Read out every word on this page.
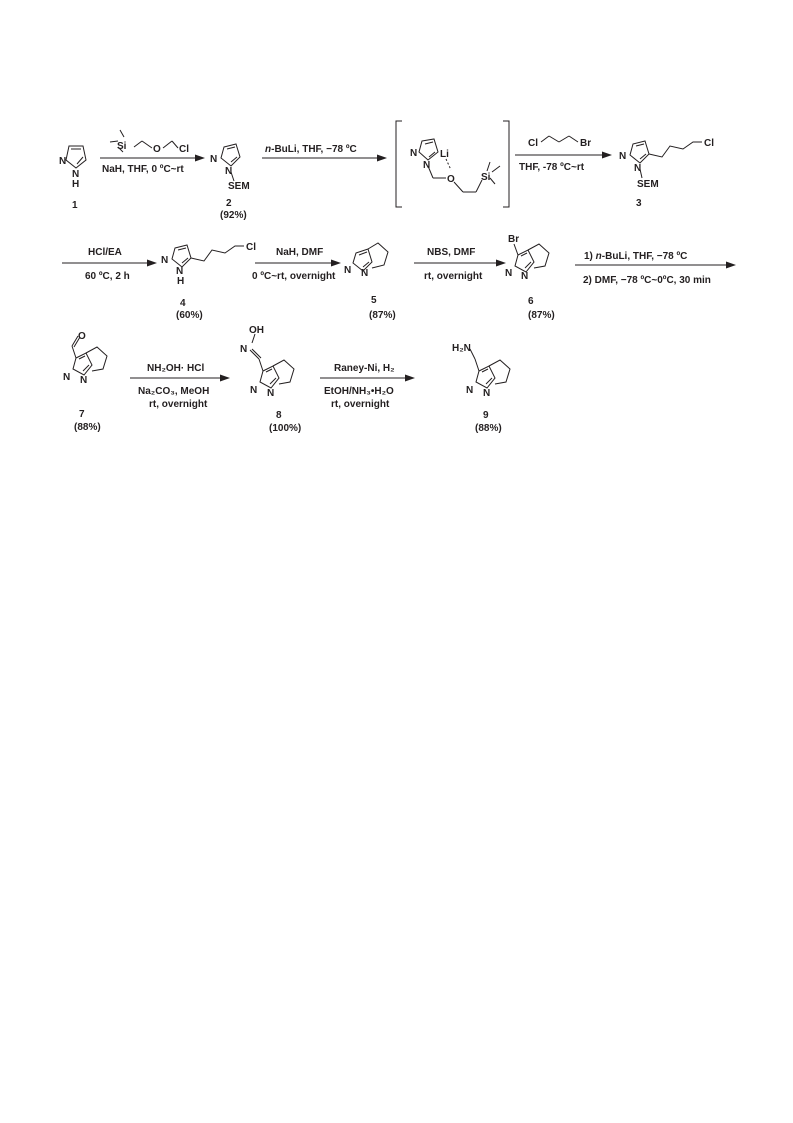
N
N
H
1
Si	O Cl
NaH, THF, 0 ºC~rt
N
N
SEM
2
(92%)
n-BuLi, THF, −78 ºC	N
N
Li
O	Si
Cl	Br
THF, -78 ºC~rt
N
N
Cl
SEM
3
HCl/EA
60 ºC, 2 h
N
N
H
Cl
4
(60%)
NaH, DMF
0 ºC~rt, overnight
N N
5
(87%)
NBS, DMF
rt, overnight
Br
N N
6
(87%)
1) n-BuLi, THF, −78 ºC
2) DMF, −78 ºC~0ºC, 30 min
O
N N
7
(88%)
NH₂OH· HCl
Na₂CO₃, MeOH
rt, overnight
N
OH
N N
8
(100%)
Raney-Ni, H₂
EtOH/NH₃•H₂O
rt, overnight
H₂N
N N
9
(88%)
